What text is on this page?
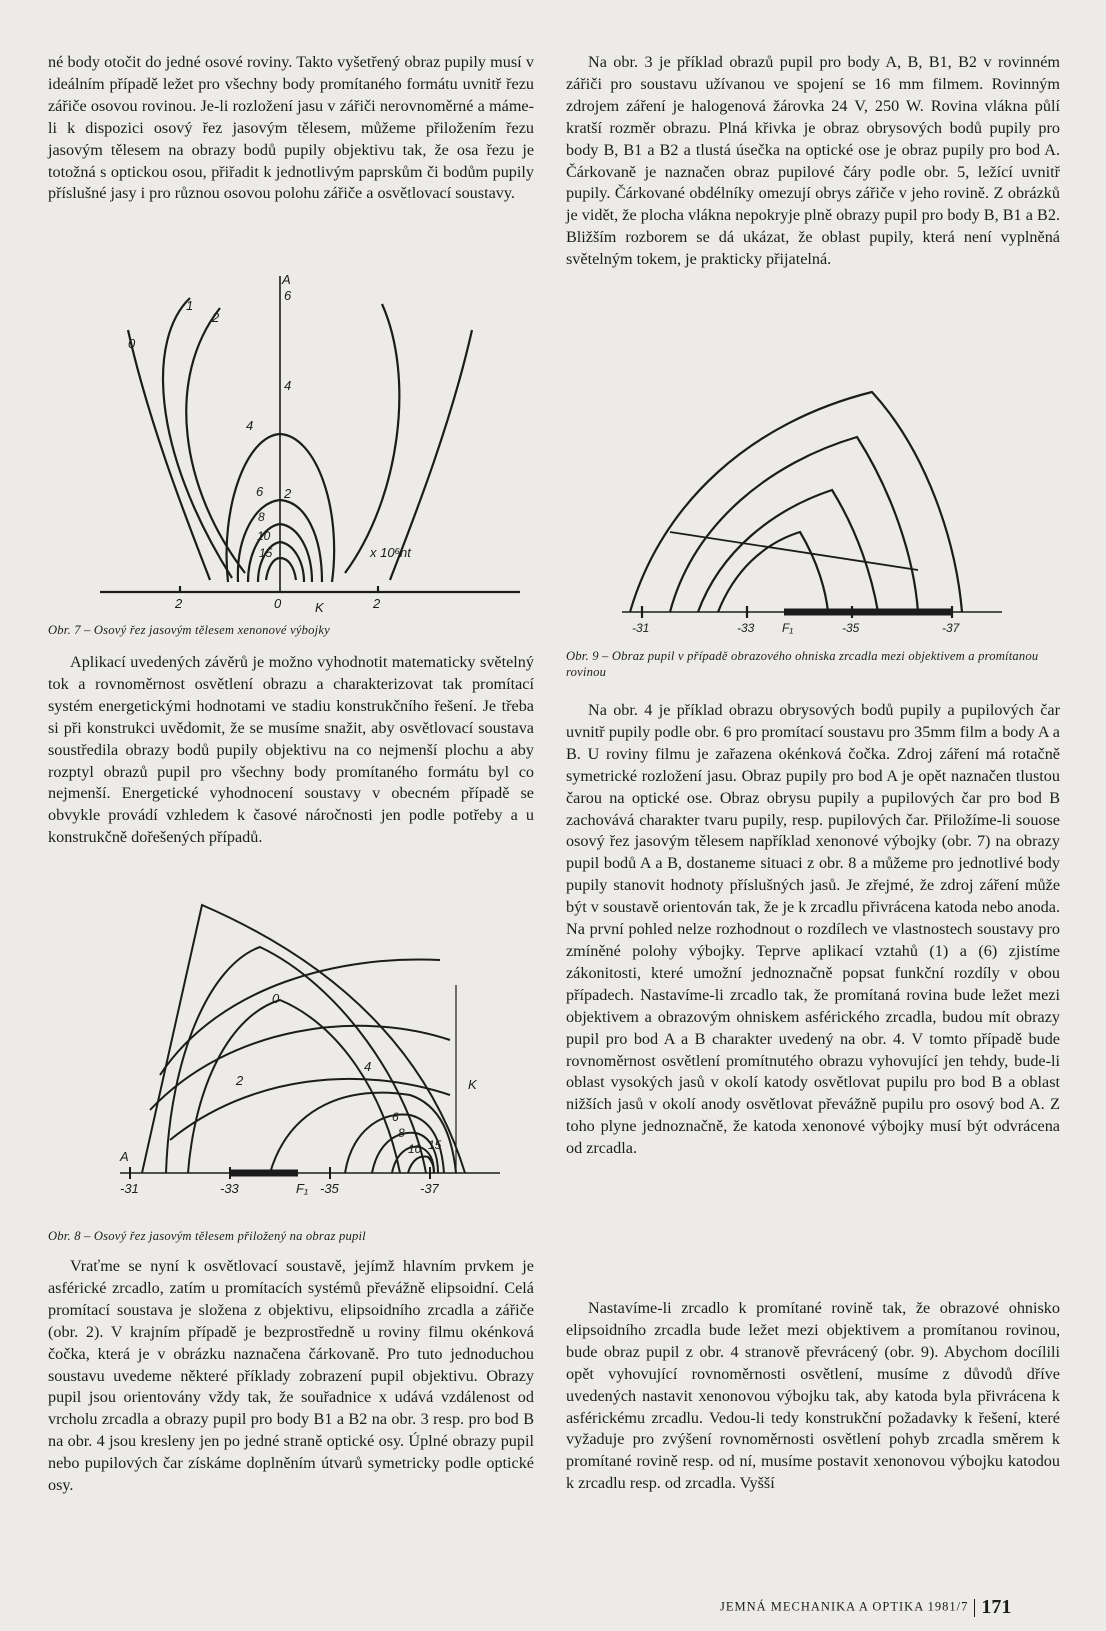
né body otočit do jedné osové roviny. Takto vyšetřený obraz pupily musí v ideálním případě ležet pro všechny body promítaného formátu uvnitř řezu zářiče osovou rovinou. Je-li rozložení jasu v zářiči nerovnoměrné a máme-li k dispozici osový řez jasovým tělesem, můžeme přiložením řezu jasovým tělesem na obrazy bodů pupily objektivu tak, že osa řezu je totožná s optickou osou, přiřadit k jednotlivým paprskům či bodům pupily příslušné jasy i pro různou osovou polohu zářiče a osvětlovací soustavy.

A
6
4
2
0
1
2
4
6
8
10
15	x 10⁶nt
2	0	K	2
Obr. 7 – Osový řez jasovým tělesem xenonové výbojky

Aplikací uvedených závěrů je možno vyhodnotit matematicky světelný tok a rovnoměrnost osvětlení obrazu a charakterizovat tak promítací systém energetickými hodnotami ve stadiu konstrukčního řešení. Je třeba si při konstrukci uvědomit, že se musíme snažit, aby osvětlovací soustava soustředila obrazy bodů pupily objektivu na co nejmenší plochu a aby rozptyl obrazů pupil pro všechny body promítaného formátu byl co nejmenší. Energetické vyhodnocení soustavy v obecném případě se obvykle provádí vzhledem k časové náročnosti jen podle potřeby a u konstrukčně dořešených případů.

A
K
0
2
4
6
8
10 15
-31	-33	F₁ -35	-37
Obr. 8 – Osový řez jasovým tělesem přiložený na obraz pupil

Vraťme se nyní k osvětlovací soustavě, jejímž hlavním prvkem je asférické zrcadlo, zatím u promítacích systémů převážně elipsoidní. Celá promítací soustava je složena z objektivu, elipsoidního zrcadla a zářiče (obr. 2). V krajním případě je bezprostředně u roviny filmu okénková čočka, která je v obrázku naznačena čárkovaně. Pro tuto jednoduchou soustavu uvedeme některé příklady zobrazení pupil objektivu. Obrazy pupil jsou orientovány vždy tak, že souřadnice x udává vzdálenost od vrcholu zrcadla a obrazy pupil pro body B1 a B2 na obr. 3 resp. pro bod B na obr. 4 jsou kresleny jen po jedné straně optické osy. Úplné obrazy pupil nebo pupilových čar získáme doplněním útvarů symetricky podle optické osy.

Na obr. 3 je příklad obrazů pupil pro body A, B, B1, B2 v rovinném zářiči pro soustavu užívanou ve spojení se 16 mm filmem. Rovinným zdrojem záření je halogenová žárovka 24 V, 250 W. Rovina vlákna půlí kratší rozměr obrazu. Plná křivka je obraz obrysových bodů pupily pro body B, B1 a B2 a tlustá úsečka na optické ose je obraz pupily pro bod A. Čárkovaně je naznačen obraz pupilové čáry podle obr. 5, ležící uvnitř pupily. Čárkované obdélníky omezují obrys zářiče v jeho rovině. Z obrázků je vidět, že plocha vlákna nepokryje plně obrazy pupil pro body B, B1 a B2. Bližším rozborem se dá ukázat, že oblast pupily, která není vyplněná světelným tokem, je prakticky přijatelná.

-31	-33 F₁	-35	-37
Obr. 9 – Obraz pupil v případě obrazového ohniska zrcadla mezi objektivem a promítanou rovinou

Na obr. 4 je příklad obrazu obrysových bodů pupily a pupilových čar uvnitř pupily podle obr. 6 pro promítací soustavu pro 35mm film a body A a B. U roviny filmu je zařazena okénková čočka. Zdroj záření má rotačně symetrické rozložení jasu. Obraz pupily pro bod A je opět naznačen tlustou čarou na optické ose. Obraz obrysu pupily a pupilových čar pro bod B zachovává charakter tvaru pupily, resp. pupilových čar. Přiložíme-li souose osový řez jasovým tělesem například xenonové výbojky (obr. 7) na obrazy pupil bodů A a B, dostaneme situaci z obr. 8 a můžeme pro jednotlivé body pupily stanovit hodnoty příslušných jasů. Je zřejmé, že zdroj záření může být v soustavě orientován tak, že je k zrcadlu přivrácena katoda nebo anoda. Na první pohled nelze rozhodnout o rozdílech ve vlastnostech soustavy pro zmíněné polohy výbojky. Teprve aplikací vztahů (1) a (6) zjistíme zákonitosti, které umožní jednoznačně popsat funkční rozdíly v obou případech. Nastavíme-li zrcadlo tak, že promítaná rovina bude ležet mezi objektivem a obrazovým ohniskem asférického zrcadla, budou mít obrazy pupil pro bod A a B charakter uvedený na obr. 4. V tomto případě bude rovnoměrnost osvětlení promítnutého obrazu vyhovující jen tehdy, bude-li oblast vysokých jasů v okolí katody osvětlovat pupilu pro bod B a oblast nižších jasů v okolí anody osvětlovat převážně pupilu pro osový bod A. Z toho plyne jednoznačně, že katoda xenonové výbojky musí být odvrácena od zrcadla.

Nastavíme-li zrcadlo k promítané rovině tak, že obrazové ohnisko elipsoidního zrcadla bude ležet mezi objektivem a promítanou rovinou, bude obraz pupil z obr. 4 stranově převrácený (obr. 9). Abychom docílili opět vyhovující rovnoměrnosti osvětlení, musíme z důvodů dříve uvedených nastavit xenonovou výbojku tak, aby katoda byla přivrácena k asférickému zrcadlu. Vedou-li tedy konstrukční požadavky k řešení, které vyžaduje pro zvýšení rovnoměrnosti osvětlení pohyb zrcadla směrem k promítané rovině resp. od ní, musíme postavit xenonovou výbojku katodou k zrcadlu resp. od zrcadla. Vyšší

JEMNÁ MECHANIKA A OPTIKA 1981/7 171
